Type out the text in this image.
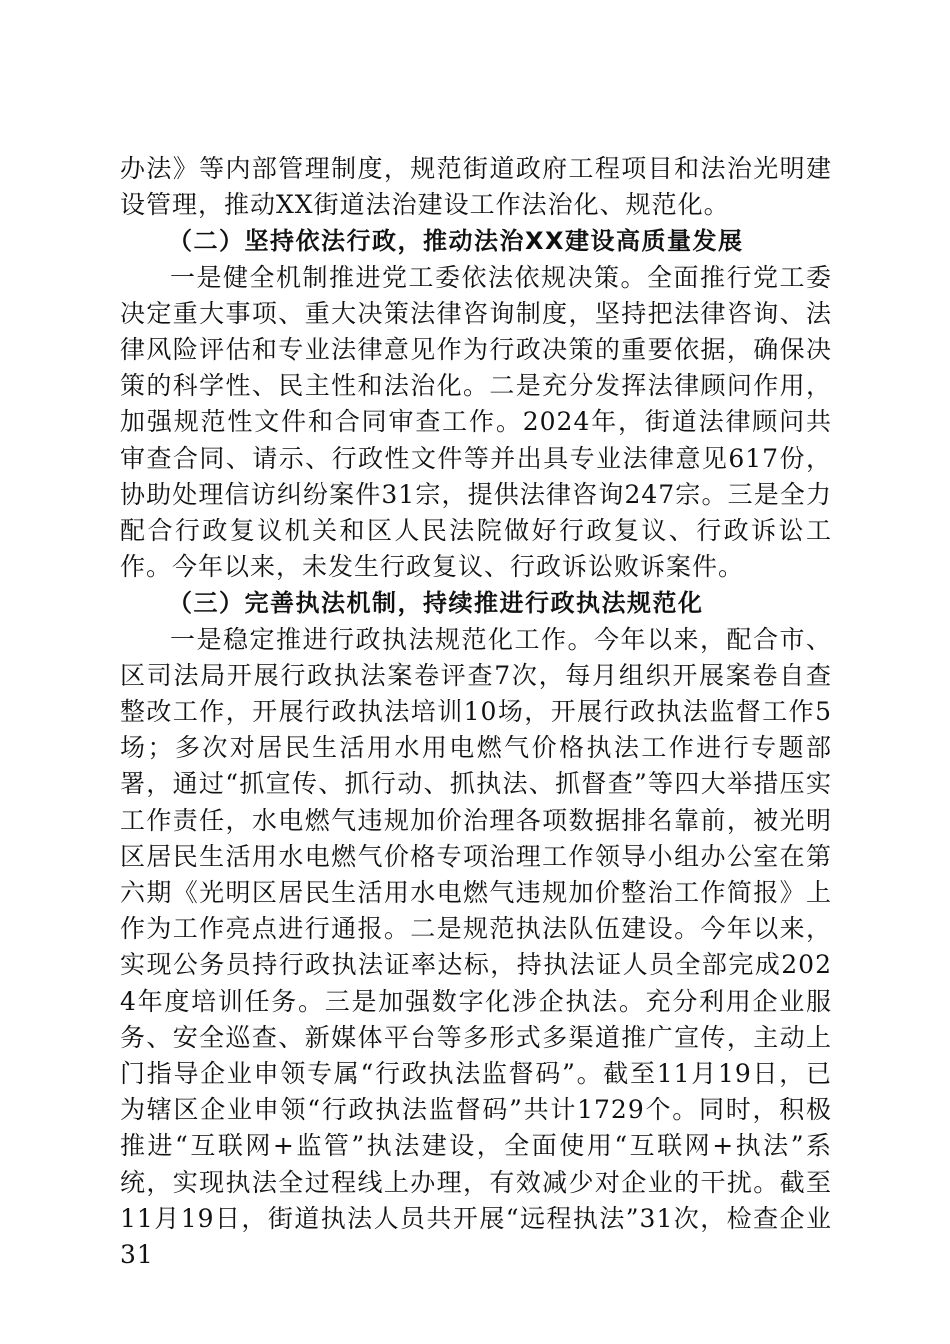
办法》等内部管理制度，规范街道政府工程项目和法治光明建设管理，推动XX街道法治建设工作法治化、规范化。

（二）坚持依法行政，推动法治XX建设高质量发展

一是健全机制推进党工委依法依规决策。全面推行党工委决定重大事项、重大决策法律咨询制度，坚持把法律咨询、法律风险评估和专业法律意见作为行政决策的重要依据，确保决策的科学性、民主性和法治化。二是充分发挥法律顾问作用，加强规范性文件和合同审查工作。2024年，街道法律顾问共审查合同、请示、行政性文件等并出具专业法律意见617份，协助处理信访纠纷案件31宗，提供法律咨询247宗。三是全力配合行政复议机关和区人民法院做好行政复议、行政诉讼工作。今年以来，未发生行政复议、行政诉讼败诉案件。

（三）完善执法机制，持续推进行政执法规范化

一是稳定推进行政执法规范化工作。今年以来，配合市、区司法局开展行政执法案卷评查7次，每月组织开展案卷自查整改工作，开展行政执法培训10场，开展行政执法监督工作5场；多次对居民生活用水用电燃气价格执法工作进行专题部署，通过“抓宣传、抓行动、抓执法、抓督查”等四大举措压实工作责任，水电燃气违规加价治理各项数据排名靠前，被光明区居民生活用水电燃气价格专项治理工作领导小组办公室在第六期《光明区居民生活用水电燃气违规加价整治工作简报》上作为工作亮点进行通报。二是规范执法队伍建设。今年以来，实现公务员持行政执法证率达标，持执法证人员全部完成2024年度培训任务。三是加强数字化涉企执法。充分利用企业服务、安全巡查、新媒体平台等多形式多渠道推广宣传，主动上门指导企业申领专属“行政执法监督码”。截至11月19日，已为辖区企业申领“行政执法监督码”共计1729个。同时，积极推进“互联网+监管”执法建设，全面使用“互联网+执法”系统，实现执法全过程线上办理，有效减少对企业的干扰。截至11月19日，街道执法人员共开展“远程执法”31次，检查企业31
